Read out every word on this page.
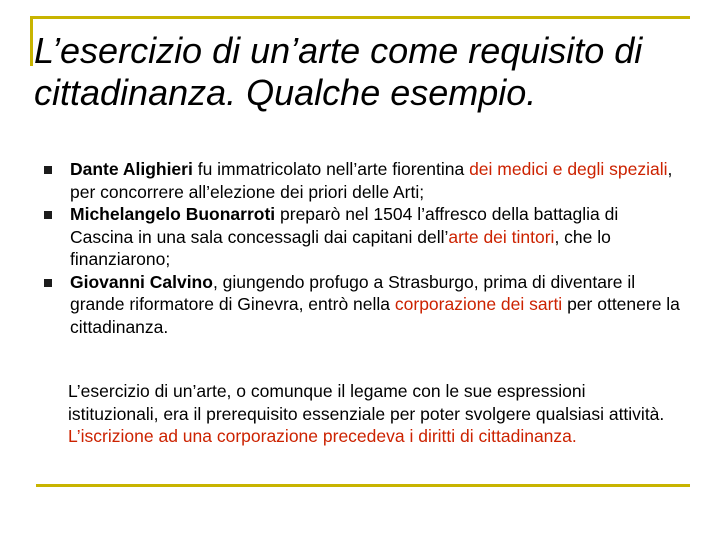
L’esercizio di un’arte come requisito di cittadinanza. Qualche esempio.
Dante Alighieri fu immatricolato nell’arte fiorentina dei medici e degli speziali, per concorrere all’elezione dei priori delle Arti;
Michelangelo Buonarroti preparò nel 1504 l’affresco della battaglia di Cascina in una sala concessagli dai capitani dell’arte dei tintori, che lo finanziarono;
Giovanni Calvino, giungendo profugo a Strasburgo, prima di diventare il grande riformatore di Ginevra, entrò nella corporazione dei sarti per ottenere la cittadinanza.

L’esercizio di un’arte, o comunque il legame con le sue espressioni istituzionali, era il prerequisito essenziale per poter svolgere qualsiasi attività. L’iscrizione ad una corporazione precedeva i diritti di cittadinanza.
